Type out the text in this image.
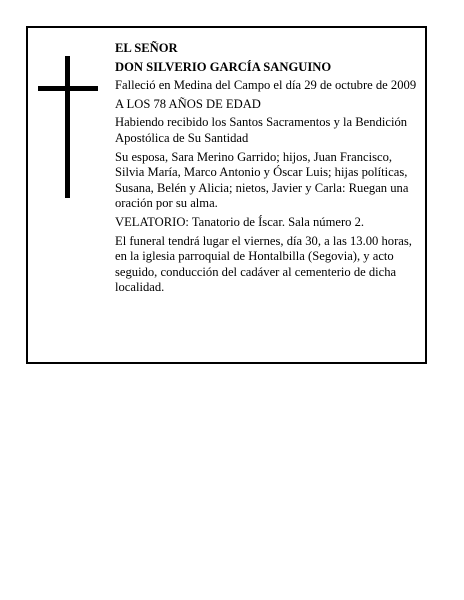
EL SEÑOR

DON SILVERIO GARCÍA SANGUINO

Falleció en Medina del Campo el día 29 de octubre de 2009

A LOS 78 AÑOS DE EDAD

Habiendo recibido los Santos Sacramentos y la Bendición Apostólica de Su Santidad

Su esposa, Sara Merino Garrido; hijos, Juan Francisco, Silvia María, Marco Antonio y Óscar Luis; hijas políticas, Susana, Belén y Alicia; nietos, Javier y Carla: Ruegan una oración por su alma.

VELATORIO: Tanatorio de Íscar. Sala número 2.

El funeral tendrá lugar el viernes, día 30, a las 13.00 horas, en la iglesia parroquial de Hontalbilla (Segovia), y acto seguido, conducción del cadáver al cementerio de dicha localidad.
